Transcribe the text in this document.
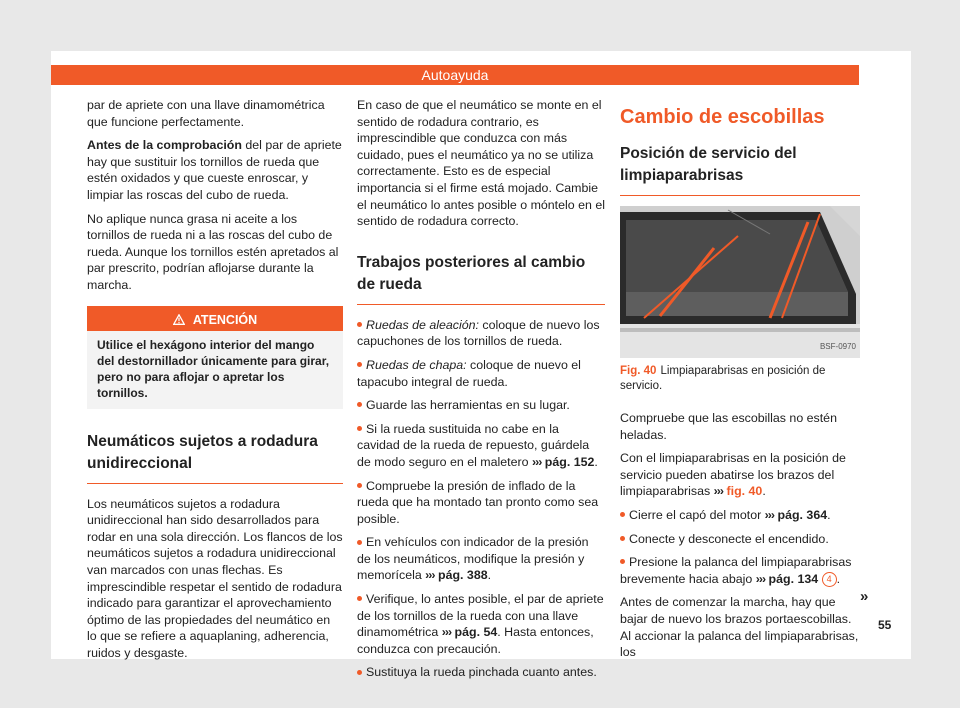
Autoayuda

par de apriete con una llave dinamométrica que funcione perfectamente.

Antes de la comprobación del par de apriete hay que sustituir los tornillos de rueda que estén oxidados y que cueste enroscar, y limpiar las roscas del cubo de rueda.

No aplique nunca grasa ni aceite a los tornillos de rueda ni a las roscas del cubo de rueda. Aunque los tornillos estén apretados al par prescrito, podrían aflojarse durante la marcha.

ATENCIÓN
Utilice el hexágono interior del mango del destornillador únicamente para girar, pero no para aflojar o apretar los tornillos.
Neumáticos sujetos a rodadura unidireccional

Los neumáticos sujetos a rodadura unidireccional han sido desarrollados para rodar en una sola dirección. Los flancos de los neumáticos sujetos a rodadura unidireccional van marcados con unas flechas. Es imprescindible respetar el sentido de rodadura indicado para garantizar el aprovechamiento óptimo de las propiedades del neumático en lo que se refiere a aquaplaning, adherencia, ruidos y desgaste.

En caso de que el neumático se monte en el sentido de rodadura contrario, es imprescindible que conduzca con más cuidado, pues el neumático ya no se utiliza correctamente. Esto es de especial importancia si el firme está mojado. Cambie el neumático lo antes posible o móntelo en el sentido de rodadura correcto.

Trabajos posteriores al cambio de rueda

Ruedas de aleación: coloque de nuevo los capuchones de los tornillos de rueda.

Ruedas de chapa: coloque de nuevo el tapacubo integral de rueda.

Guarde las herramientas en su lugar.

Si la rueda sustituida no cabe en la cavidad de la rueda de repuesto, guárdela de modo seguro en el maletero ››› pág. 152.

Compruebe la presión de inflado de la rueda que ha montado tan pronto como sea posible.

En vehículos con indicador de la presión de los neumáticos, modifique la presión y memorícela ››› pág. 388.

Verifique, lo antes posible, el par de apriete de los tornillos de la rueda con una llave dinamométrica ››› pág. 54. Hasta entonces, conduzca con precaución.

Sustituya la rueda pinchada cuanto antes.

Cambio de escobillas
Posición de servicio del limpiaparabrisas
BSF-0970

Fig. 40 Limpiaparabrisas en posición de servicio.

Compruebe que las escobillas no estén heladas.

Con el limpiaparabrisas en la posición de servicio pueden abatirse los brazos del limpiaparabrisas ››› fig. 40.

Cierre el capó del motor ››› pág. 364.

Conecte y desconecte el encendido.

Presione la palanca del limpiaparabrisas brevemente hacia abajo ››› pág. 134 4 .

Antes de comenzar la marcha, hay que bajar de nuevo los brazos portaescobillas. Al accionar la palanca del limpiaparabrisas, los

»
55
